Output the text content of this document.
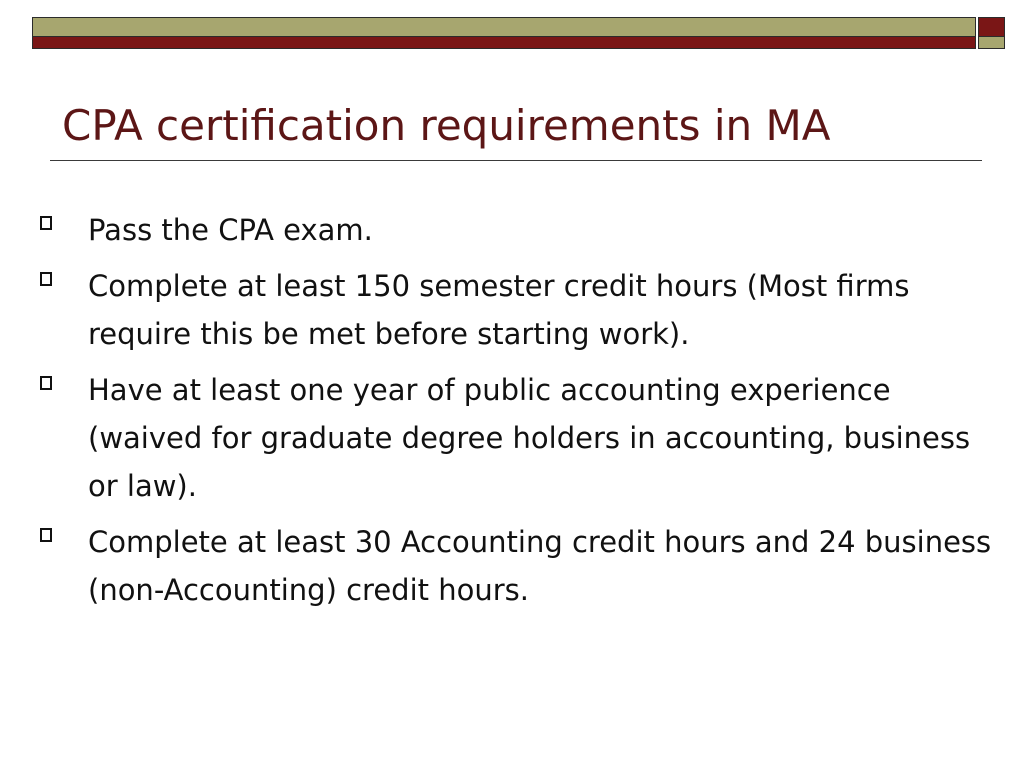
CPA certification requirements in MA
Pass the CPA exam.
Complete at least 150 semester credit hours (Most firms require this be met before starting work).
Have at least one year of public accounting experience (waived for graduate degree holders in accounting, business or law).
Complete at least 30 Accounting credit hours and 24 business (non-Accounting) credit hours.
